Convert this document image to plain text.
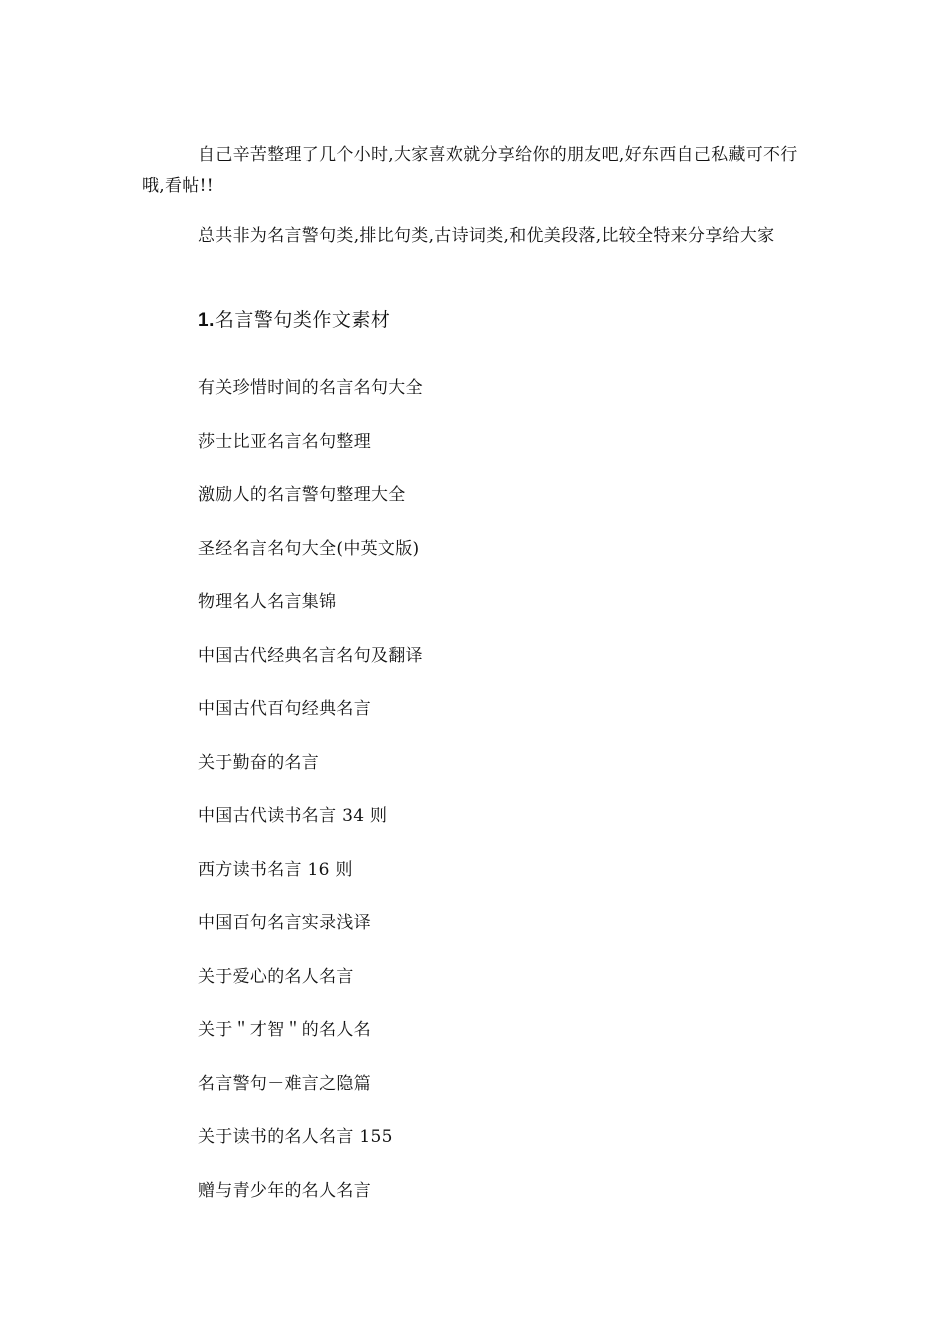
自己辛苦整理了几个小时,大家喜欢就分享给你的朋友吧,好东西自己私藏可不行哦,看帖!!

总共非为名言警句类,排比句类,古诗词类,和优美段落,比较全特来分享给大家

1.名言警句类作文素材
有关珍惜时间的名言名句大全
莎士比亚名言名句整理
激励人的名言警句整理大全
圣经名言名句大全(中英文版)
物理名人名言集锦
中国古代经典名言名句及翻译
中国古代百句经典名言
关于勤奋的名言
中国古代读书名言 34 则
西方读书名言 16 则
中国百句名言实录浅译
关于爱心的名人名言
关于＂才智＂的名人名
名言警句－难言之隐篇
关于读书的名人名言 155
赠与青少年的名人名言
